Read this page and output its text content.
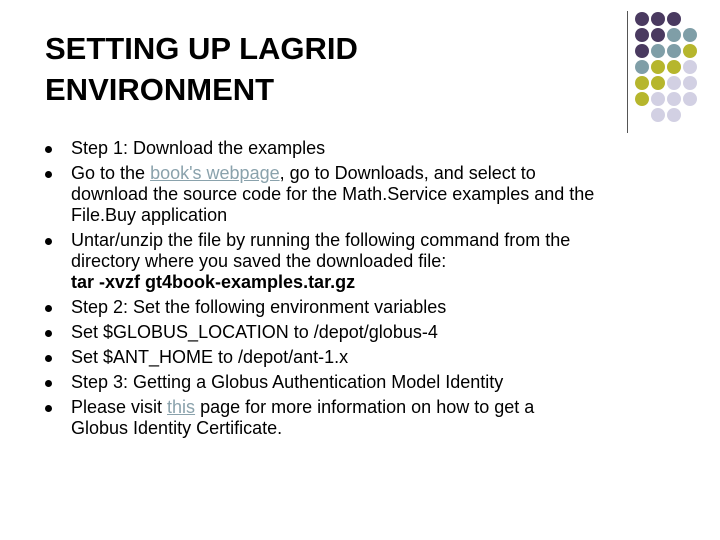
SETTING UP LAGRID
ENVIRONMENT
Step 1: Download the examples
Go to the book's webpage, go to Downloads, and select to
download the source code for the Math.Service examples and the
File.Buy application
Untar/unzip the file by running the following command from the
directory where you saved the downloaded file:
tar -xvzf gt4book-examples.tar.gz
Step 2: Set the following environment variables
Set $GLOBUS_LOCATION to /depot/globus-4
Set $ANT_HOME to /depot/ant-1.x
Step 3: Getting a Globus Authentication Model Identity
Please visit this page for more information on how to get a
Globus Identity Certificate.
